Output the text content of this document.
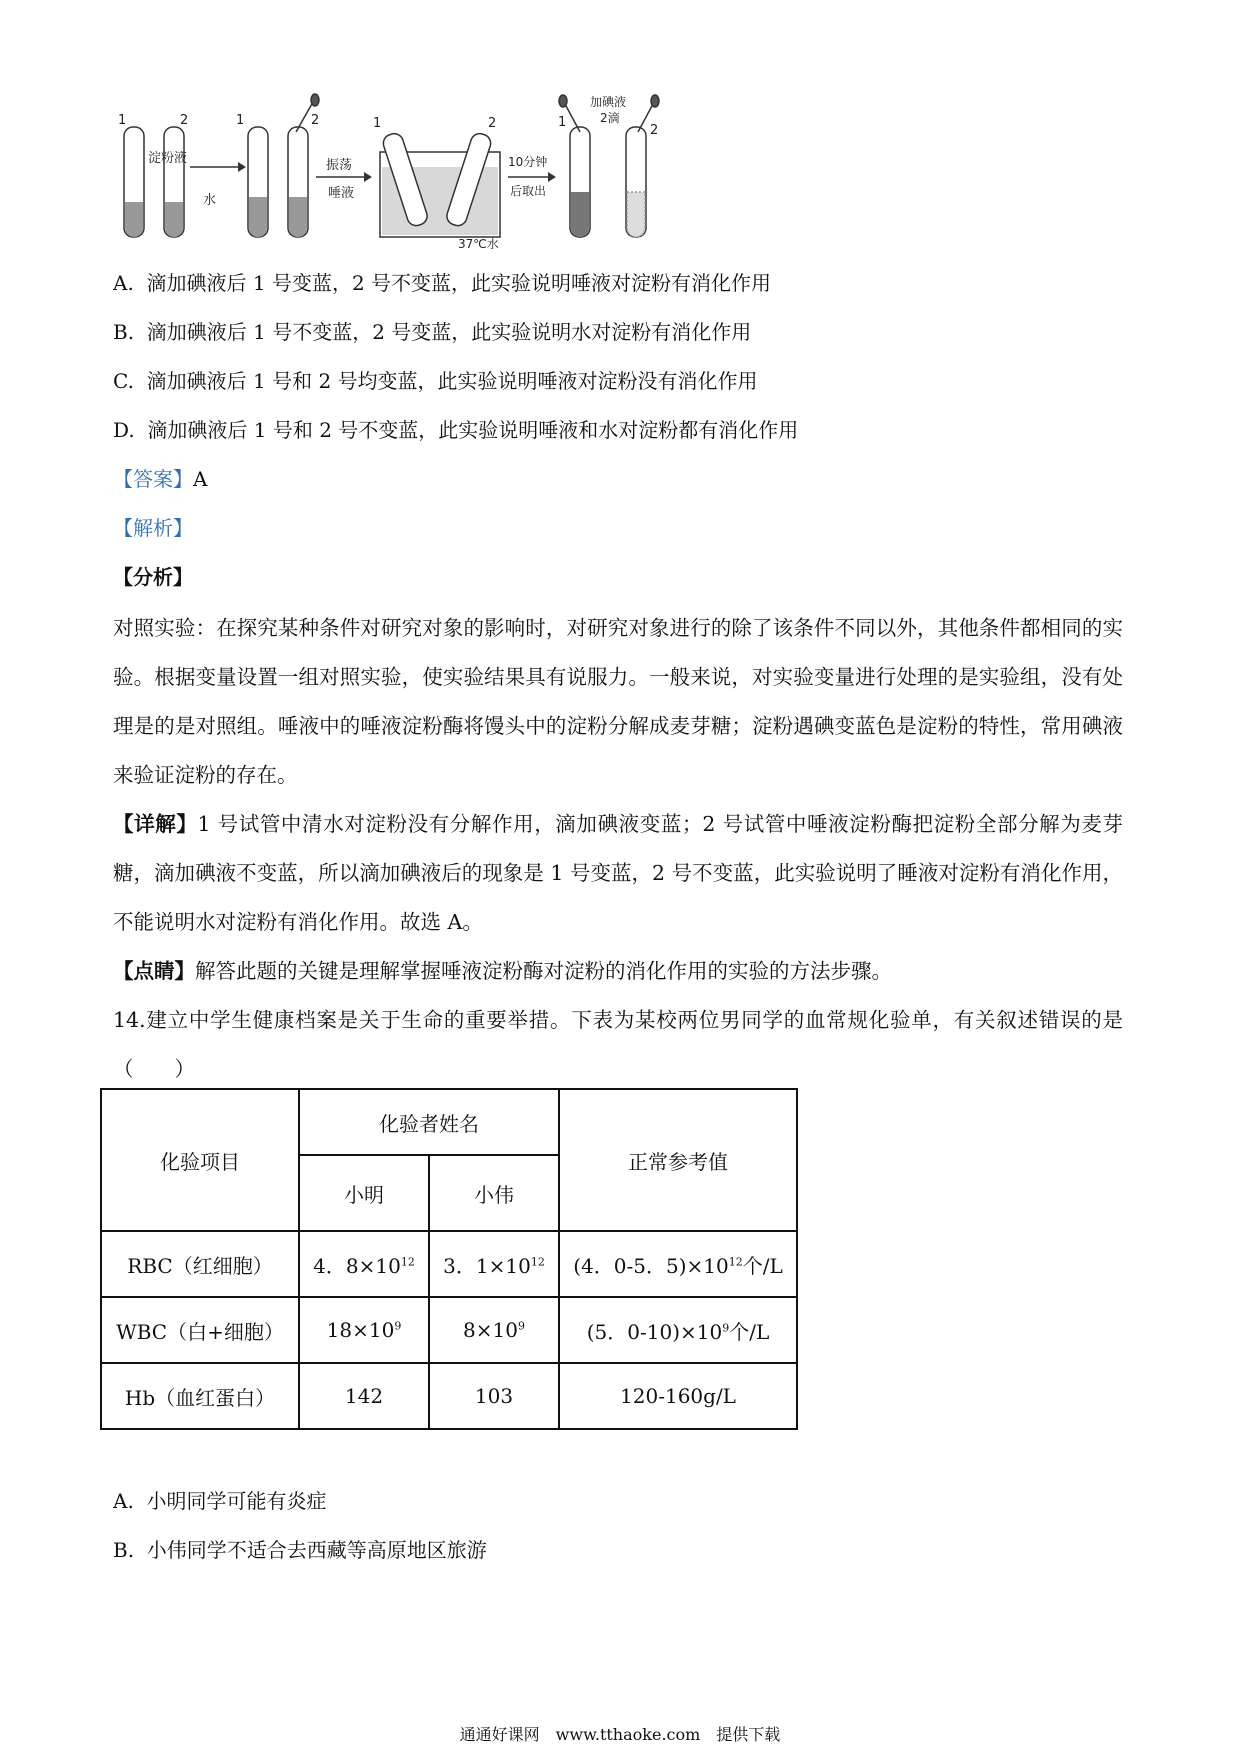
1	2
淀粉液
水
1	2
振荡
唾液
1	2
37℃水
10分钟
后取出
1
2
加碘液
2滴
A. 滴加碘液后 1 号变蓝，2 号不变蓝，此实验说明唾液对淀粉有消化作用
B. 滴加碘液后 1 号不变蓝，2 号变蓝，此实验说明水对淀粉有消化作用
C. 滴加碘液后 1 号和 2 号均变蓝，此实验说明唾液对淀粉没有消化作用
D. 滴加碘液后 1 号和 2 号不变蓝，此实验说明唾液和水对淀粉都有消化作用
【答案】A
【解析】
【分析】
对照实验：在探究某种条件对研究对象的影响时，对研究对象进行的除了该条件不同以外，其他条件都相同的实验。根据变量设置一组对照实验，使实验结果具有说服力。一般来说，对实验变量进行处理的是实验组，没有处理是的是对照组。唾液中的唾液淀粉酶将馒头中的淀粉分解成麦芽糖；淀粉遇碘变蓝色是淀粉的特性，常用碘液来验证淀粉的存在。
【详解】1 号试管中清水对淀粉没有分解作用，滴加碘液变蓝；2 号试管中唾液淀粉酶把淀粉全部分解为麦芽糖，滴加碘液不变蓝，所以滴加碘液后的现象是 1 号变蓝，2 号不变蓝，此实验说明了睡液对淀粉有消化作用，不能说明水对淀粉有消化作用。故选 A。
【点睛】解答此题的关键是理解掌握唾液淀粉酶对淀粉的消化作用的实验的方法步骤。
14.建立中学生健康档案是关于生命的重要举措。下表为某校两位男同学的血常规化验单，有关叙述错误的是（　　）
化验项目	化验者姓名		正常参考值
	小明	小伟	
RBC（红细胞）	4．$8\times 10^{12}$	3．$1\times 10^{12}$	(4．0-5．$5)\times 10^{12}$个/L
WBC（白+细胞）	$18\times 10^9$	$8\times 10^9$	(5．$0-10)\times 10^9$个/L
Hb（血红蛋白）	142	103	120-160g/L
A. 小明同学可能有炎症
B. 小伟同学不适合去西藏等高原地区旅游
通通好课网　www.tthaoke.com　提供下载
